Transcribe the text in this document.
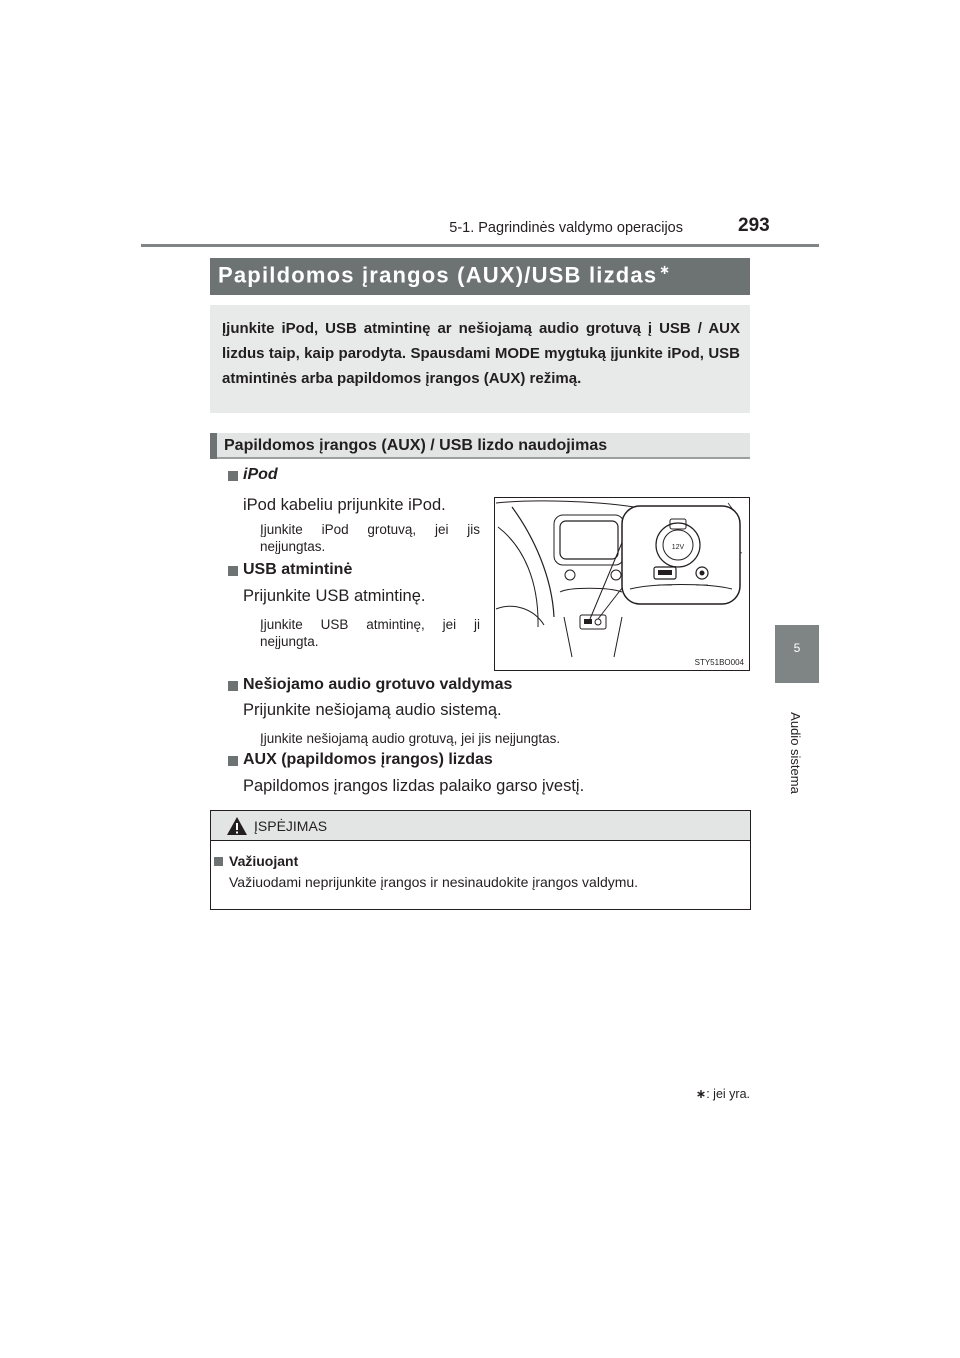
5-1. Pagrindinės valdymo operacijos	293
5
Audio sistema
Papildomos įrangos (AUX)/USB lizdas ∗
Įjunkite iPod, USB atmintinę ar nešiojamą audio grotuvą į USB / AUX lizdus taip, kaip parodyta. Spausdami MODE mygtuką įjunkite iPod, USB atmintinės arba papildomos įrangos (AUX) režimą.
Papildomos įrangos (AUX) / USB lizdo naudojimas
iPod
iPod kabeliu prijunkite iPod.
Įjunkite iPod grotuvą, jei jis neįjungtas.
USB atmintinė
Prijunkite USB atmintinę.
Įjunkite USB atmintinę, jei ji neįjungta.
Nešiojamo audio grotuvo valdymas
Prijunkite nešiojamą audio sistemą.
Įjunkite nešiojamą audio grotuvą, jei jis neįjungtas.
AUX (papildomos įrangos) lizdas
Papildomos įrangos lizdas palaiko garso įvestį.
12V
STY51BO004
ĮSPĖJIMAS
Važiuojant
Važiuodami neprijunkite įrangos ir nesinaudokite įrangos valdymu.
∗: jei yra.
